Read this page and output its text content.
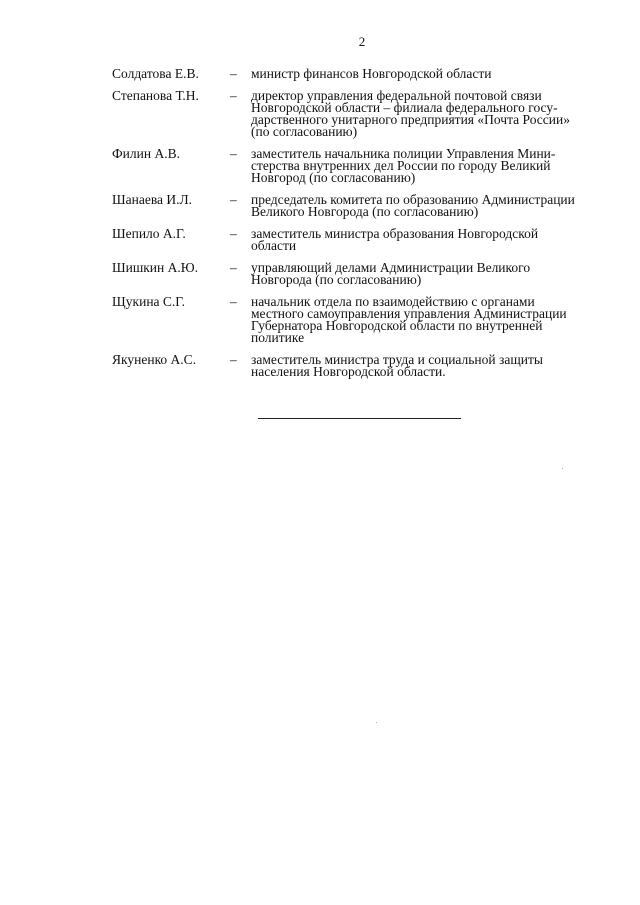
2
Солдатова Е.В.	–	министр финансов Новгородской области
Степанова Т.Н.	–	директор управления федеральной почтовой связи
Новгородской области – филиала федерального госу-
дарственного унитарного предприятия «Почта России»
(по согласованию)
Филин А.В.	–	заместитель начальника полиции Управления Мини-
стерства внутренних дел России по городу Великий
Новгород (по согласованию)
Шанаева И.Л.	–	председатель комитета по образованию Администрации
Великого Новгорода (по согласованию)
Шепило А.Г.	–	заместитель министра образования Новгородской
области
Шишкин А.Ю.	–	управляющий делами Администрации Великого
Новгорода (по согласованию)
Щукина С.Г.	–	начальник отдела по взаимодействию с органами
местного самоуправления управления Администрации
Губернатора Новгородской области по внутренней
политике
Якуненко А.С.	–	заместитель министра труда и социальной защиты
населения Новгородской области.
